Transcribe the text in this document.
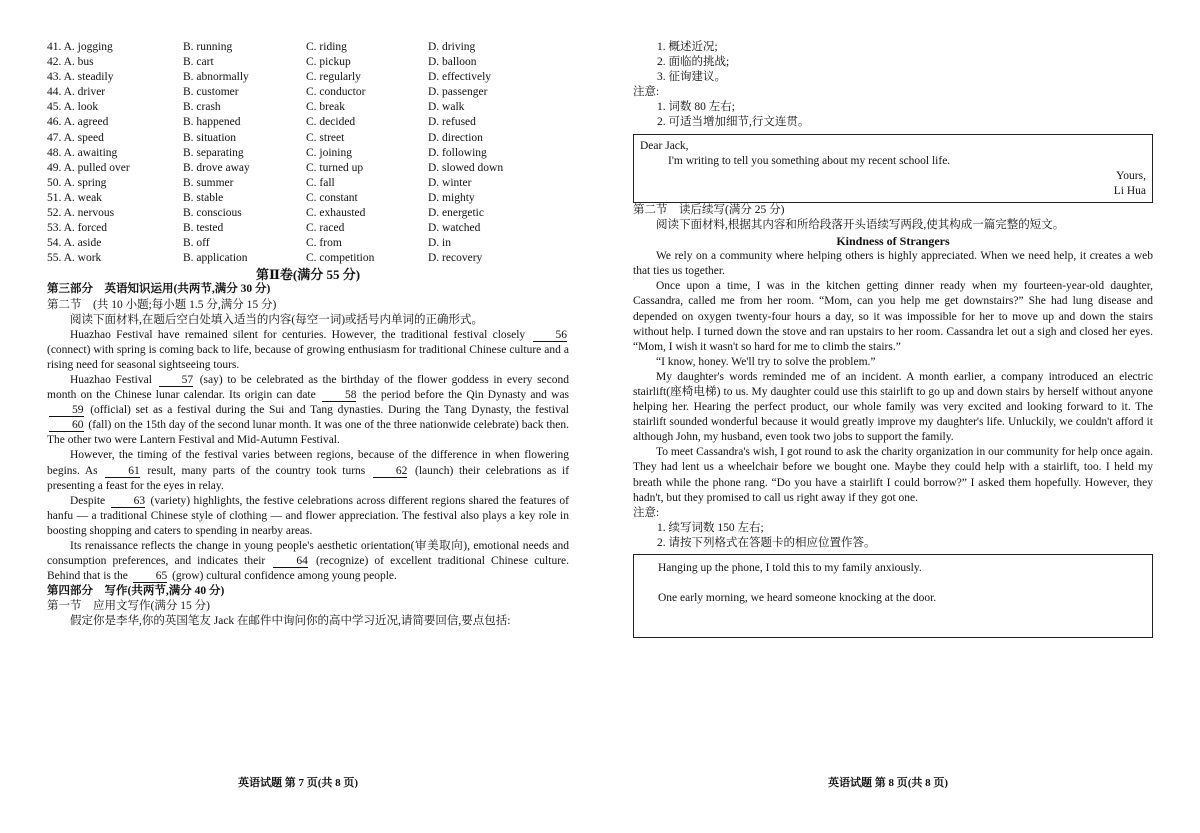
41. A. jogging	B. running	C. riding	D. driving
42. A. bus	B. cart	C. pickup	D. balloon
43. A. steadily	B. abnormally	C. regularly	D. effectively
44. A. driver	B. customer	C. conductor	D. passenger
45. A. look	B. crash	C. break	D. walk
46. A. agreed	B. happened	C. decided	D. refused
47. A. speed	B. situation	C. street	D. direction
48. A. awaiting	B. separating	C. joining	D. following
49. A. pulled over	B. drove away	C. turned up	D. slowed down
50. A. spring	B. summer	C. fall	D. winter
51. A. weak	B. stable	C. constant	D. mighty
52. A. nervous	B. conscious	C. exhausted	D. energetic
53. A. forced	B. tested	C. raced	D. watched
54. A. aside	B. off	C. from	D. in
55. A. work	B. application	C. competition	D. recovery
第Ⅱ卷(满分 55 分)
第三部分　英语知识运用(共两节,满分 30 分)
第二节　(共 10 小题;每小题 1.5 分,满分 15 分)
阅读下面材料,在题后空白处填入适当的内容(每空一词)或括号内单词的正确形式。

Huazhao Festival have remained silent for centuries. However, the traditional festival closely	56 (connect) with spring is coming back to life, because of growing enthusiasm for traditional Chinese culture and a rising need for seasonal sightseeing tours.

Huazhao Festival	57 (say) to be celebrated as the birthday of the flower goddess in every second month on the Chinese lunar calendar. Its origin can date	58 the period before the Qin Dynasty and was 59 (official) set as a festival during the Sui and Tang dynasties. During the Tang Dynasty, the festival 60 (fall) on the 15th day of the second lunar month. It was one of the three nationwide celebrate) back then. The other two were Lantern Festival and Mid-Autumn Festival.

However, the timing of the festival varies between regions, because of the difference in when flowering begins. As	61 result, many parts of the country took turns	62 (launch) their celebrations as if presenting a feast for the eyes in relay.

Despite 63 (variety) highlights, the festive celebrations across different regions shared the features of hanfu — a traditional Chinese style of clothing — and flower appreciation. The festival also plays a key role in boosting shopping and caters to spending in nearby areas.

Its renaissance reflects the change in young people's aesthetic orientation(审美取向), emotional needs and consumption preferences, and indicates their	64 (recognize) of excellent traditional Chinese culture. Behind that is the 65 (grow) cultural confidence among young people.

第四部分　写作(共两节,满分 40 分)
第一节　应用文写作(满分 15 分)

假定你是李华,你的英国笔友 Jack 在邮件中询问你的高中学习近况,请简要回信,要点包括:

1. 概述近况;
2. 面临的挑战;
3. 征询建议。
注意:
1. 词数 80 左右;
2. 可适当增加细节,行文连贯。
Dear Jack,
I'm writing to tell you something about my recent school life.
Yours,
Li Hua
第二节　读后续写(满分 25 分)
阅读下面材料,根据其内容和所给段落开头语续写两段,使其构成一篇完整的短文。
Kindness of Strangers

We rely on a community where helping others is highly appreciated. When we need help, it creates a web that ties us together.

Once upon a time, I was in the kitchen getting dinner ready when my fourteen-year-old daughter, Cassandra, called me from her room. “Mom, can you help me get downstairs?” She had lung disease and depended on oxygen twenty-four hours a day, so it was impossible for her to move up and down the stairs without help. I turned down the stove and ran upstairs to her room. Cassandra let out a sigh and closed her eyes. “Mom, I wish it wasn't so hard for me to climb the stairs.”

“I know, honey. We'll try to solve the problem.”

My daughter's words reminded me of an incident. A month earlier, a company introduced an electric stairlift(座椅电梯) to us. My daughter could use this stairlift to go up and down stairs by herself without anyone helping her. Hearing the perfect product, our whole family was very excited and looking forward to it. The stairlift sounded wonderful because it would greatly improve my daughter's life. Unluckily, we couldn't afford it although John, my husband, even took two jobs to support the family.

To meet Cassandra's wish, I got round to ask the charity organization in our community for help once again. They had lent us a wheelchair before we bought one. Maybe they could help with a stairlift, too. I held my breath while the phone rang. “Do you have a stairlift I could borrow?” I asked them hopefully. However, they hadn't, but they promised to call us right away if they got one.

注意:
1. 续写词数 150 左右;
2. 请按下列格式在答题卡的相应位置作答。
Hanging up the phone, I told this to my family anxiously.
One early morning, we heard someone knocking at the door.
英语试题 第 7 页(共 8 页)	英语试题 第 8 页(共 8 页)
